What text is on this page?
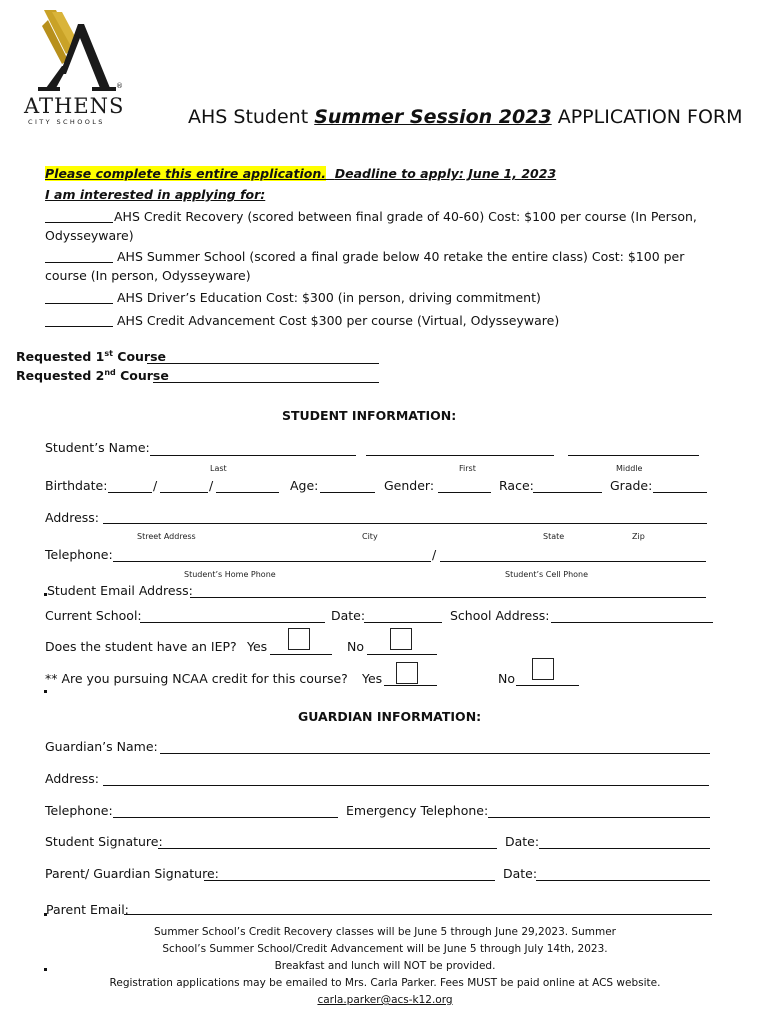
®
ATHENS
CITY SCHOOLS	AHS Student Summer Session 2023 APPLICATION FORM
Please complete this entire application. Deadline to apply: June 1, 2023
I am interested in applying for:
AHS Credit Recovery (scored between final grade of 40-60) Cost: $100 per course (In Person,
Odysseyware)
AHS Summer School (scored a final grade below 40 retake the entire class) Cost: $100 per
course (In person, Odysseyware)
AHS Driver’s Education Cost: $300 (in person, driving commitment)
AHS Credit Advancement Cost $300 per course (Virtual, Odysseyware)
Requested 1st Course
Requested 2nd Course
STUDENT INFORMATION:
Student’s Name:
Last	First	Middle
Birthdate:	/	/	Age:	Gender:	Race:	Grade:
Address:
Street Address	City	State	Zip
Telephone:	/
Student’s Home Phone	Student’s Cell Phone
Student Email Address:
Current School:	Date:	School Address:
Does the student have an IEP? Yes	No
** Are you pursuing NCAA credit for this course? Yes	No
GUARDIAN INFORMATION:
Guardian’s Name:
Address:
Telephone:	Emergency Telephone:
Student Signature:	Date:
Parent/ Guardian Signature:	Date:
Parent Email:
Summer School’s Credit Recovery classes will be June 5 through June 29,2023. Summer
School’s Summer School/Credit Advancement will be June 5 through July 14th, 2023.
Breakfast and lunch will NOT be provided.
Registration applications may be emailed to Mrs. Carla Parker. Fees MUST be paid online at ACS website.
carla.parker@acs-k12.org
